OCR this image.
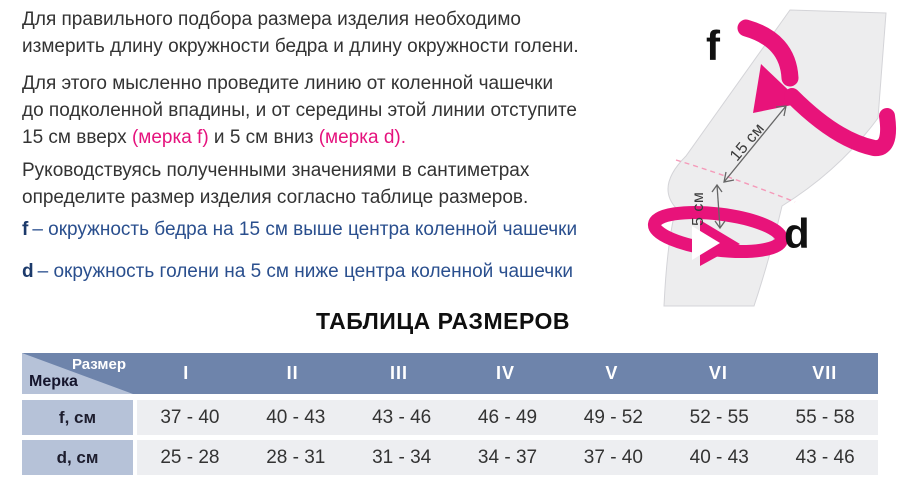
Для правильного подбора размера изделия необходимо
измерить длину окружности бедра и длину окружности голени.
Для этого мысленно проведите линию от коленной чашечки
до подколенной впадины, и от середины этой линии отступите
15 см вверх (мерка f) и 5 см вниз (мерка d).
Руководствуясь полученными значениями в сантиметрах
определите размер изделия согласно таблице размеров.
f – окружность бедра на 15 см выше центра коленной чашечки
d – окружность голени на 5 см ниже центра коленной чашечки
15 см
5 см
f
d
ТАБЛИЦА РАЗМЕРОВ
Размер
Мерка	I	II	III	IV	V	VI	VII
f, см	37 - 40	40 - 43	43 - 46	46 - 49	49 - 52	52 - 55	55 - 58
d, см	25 - 28	28 - 31	31 - 34	34 - 37	37 - 40	40 - 43	43 - 46
